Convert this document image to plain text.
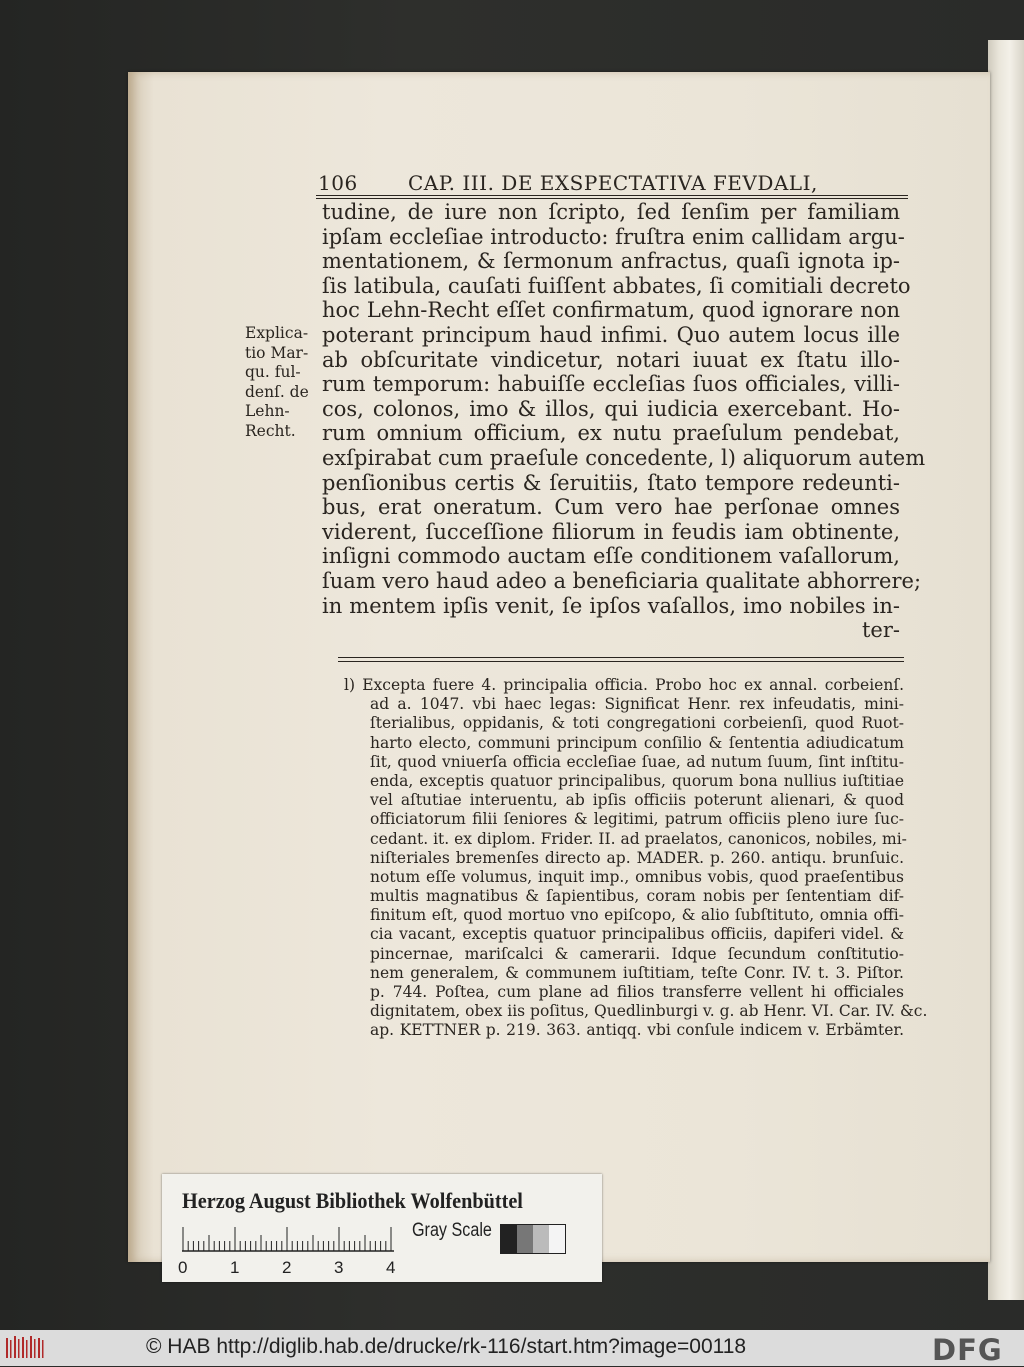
106	CAP. III. DE EXSPECTATIVA FEVDALI,
Explica-
tio Mar-
qu. ful-
denſ. de
Lehn-
Recht.
tudine, de iure non ſcripto, ſed ſenſim per familiam
ipſam eccleſiae introducto: fruſtra enim callidam argu-
mentationem, & ſermonum anfractus, quaſi ignota ip-
ſis latibula, cauſati fuiſſent abbates, ſi comitiali decreto
hoc Lehn-Recht eſſet confirmatum, quod ignorare non
poterant principum haud infimi. Quo autem locus ille
ab obſcuritate vindicetur, notari iuuat ex ſtatu illo-
rum temporum: habuiſſe eccleſias ſuos officiales, villi-
cos, colonos, imo & illos, qui iudicia exercebant. Ho-
rum omnium officium, ex nutu praeſulum pendebat,
exſpirabat cum praeſule concedente, l) aliquorum autem
penſionibus certis & ſeruitiis, ſtato tempore redeunti-
bus, erat oneratum. Cum vero hae perſonae omnes
viderent, ſucceſſione filiorum in feudis iam obtinente,
inſigni commodo auctam eſſe conditionem vaſallorum,
ſuam vero haud adeo a beneficiaria qualitate abhorrere;
in mentem ipſis venit, ſe ipſos vaſallos, imo nobiles in-
ter-
l) Excepta fuere 4. principalia officia. Probo hoc ex annal. corbeienſ.
ad a. 1047. vbi haec legas: Significat Henr. rex infeudatis, mini-
ſterialibus, oppidanis, & toti congregationi corbeienſi, quod Ruot-
harto electo, communi principum conſilio & ſententia adiudicatum
ſit, quod vniuerſa officia eccleſiae ſuae, ad nutum ſuum, ſint inſtitu-
enda, exceptis quatuor principalibus, quorum bona nullius iuſtitiae
vel aſtutiae interuentu, ab ipſis officiis poterunt alienari, & quod
officiatorum filii ſeniores & legitimi, patrum officiis pleno iure ſuc-
cedant. it. ex diplom. Frider. II. ad praelatos, canonicos, nobiles, mi-
niſteriales bremenſes directo ap. MADER. p. 260. antiqu. brunſuic.
notum eſſe volumus, inquit imp., omnibus vobis, quod praeſentibus
multis magnatibus & ſapientibus, coram nobis per ſententiam dif-
finitum eſt, quod mortuo vno epiſcopo, & alio ſubſtituto, omnia offi-
cia vacant, exceptis quatuor principalibus officiis, dapiferi videl. &
pincernae, mariſcalci & camerarii. Idque ſecundum conſtitutio-
nem generalem, & communem iuſtitiam, teſte Conr. IV. t. 3. Piſtor.
p. 744. Poſtea, cum plane ad filios transferre vellent hi officiales
dignitatem, obex iis poſitus, Quedlinburgi v. g. ab Henr. VI. Car. IV. &c.
ap. KETTNER p. 219. 363. antiqq. vbi conſule indicem v. Erbämter.
Herzog August Bibliothek Wolfenbüttel
0	1	2	3	4
Gray Scale
© HAB http://diglib.hab.de/drucke/rk-116/start.htm?image=00118	DFG
